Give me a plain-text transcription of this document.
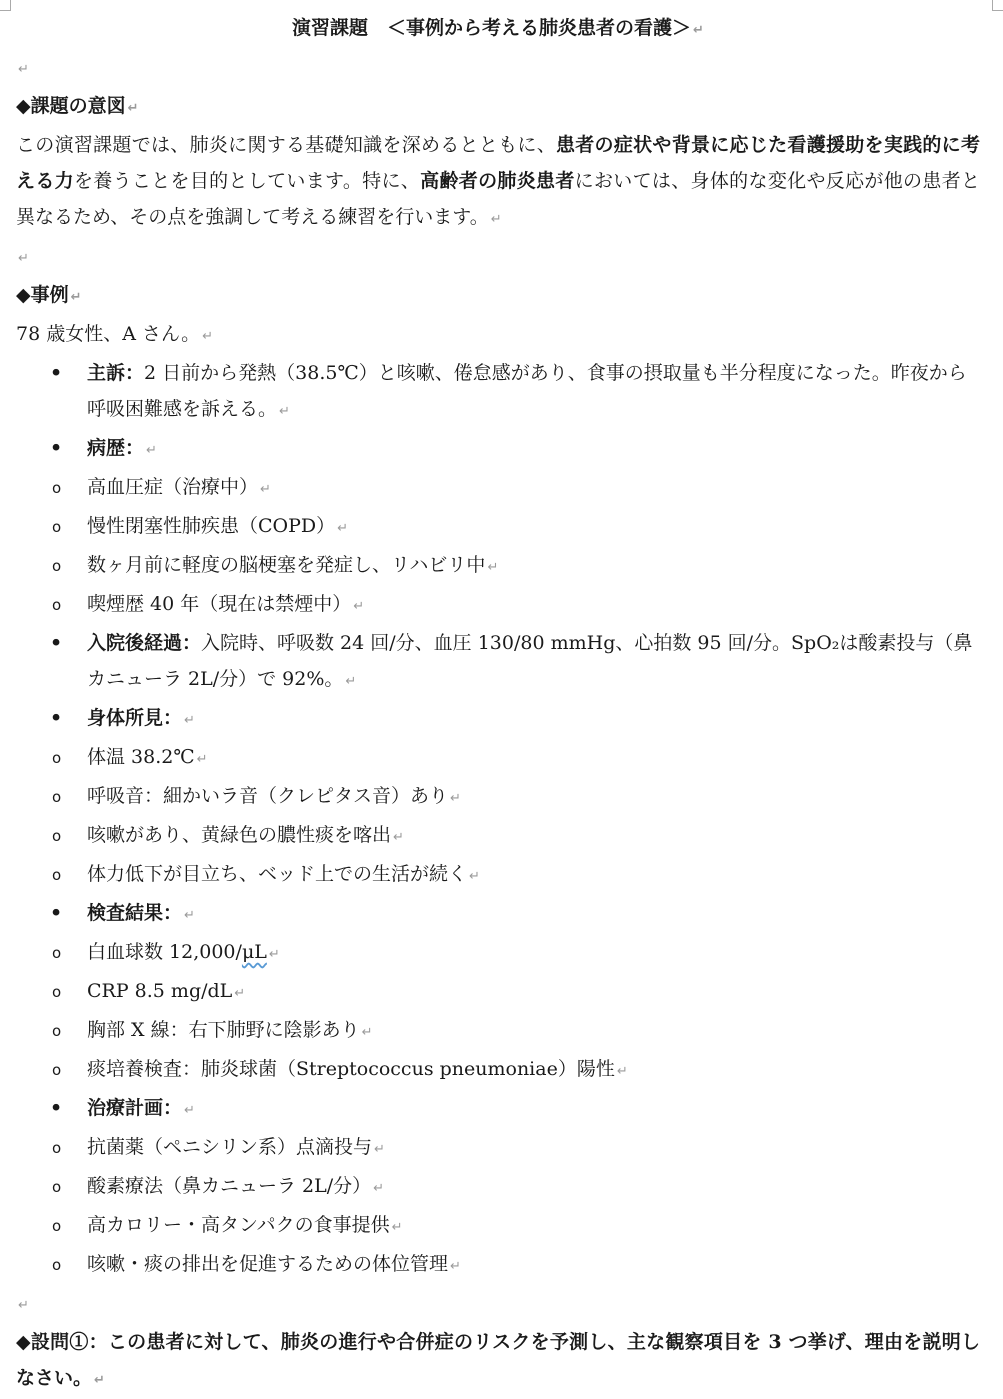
演習課題　＜事例から考える肺炎患者の看護＞ ↵
↵
◆課題の意図 ↵
この演習課題では、肺炎に関する基礎知識を深めるとともに、患者の症状や背景に応じた看護援助を実践的に考える力を養うことを目的としています。特に、高齢者の肺炎患者においては、身体的な変化や反応が他の患者と異なるため、その点を強調して考える練習を行います。 ↵
↵
◆事例 ↵
78 歳女性、A さん。 ↵
• 主訴：2 日前から発熱（38.5℃）と咳嗽、倦怠感があり、食事の摂取量も半分程度になった。昨夜から呼吸困難感を訴える。 ↵
• 病歴： ↵
o 高血圧症（治療中） ↵
o 慢性閉塞性肺疾患（COPD） ↵
o 数ヶ月前に軽度の脳梗塞を発症し、リハビリ中 ↵
o 喫煙歴 40 年（現在は禁煙中） ↵
• 入院後経過：入院時、呼吸数 24 回/分、血圧 130/80 mmHg、心拍数 95 回/分。SpO₂は酸素投与（鼻カニューラ 2L/分）で 92%。 ↵
• 身体所見： ↵
o 体温 38.2℃ ↵
o 呼吸音：細かいラ音（クレピタス音）あり ↵
o 咳嗽があり、黄緑色の膿性痰を喀出 ↵
o 体力低下が目立ち、ベッド上での生活が続く ↵
• 検査結果： ↵
o 白血球数 12,000/μL ↵
o CRP 8.5 mg/dL ↵
o 胸部 X 線：右下肺野に陰影あり ↵
o 痰培養検査：肺炎球菌（Streptococcus pneumoniae）陽性 ↵
• 治療計画： ↵
o 抗菌薬（ペニシリン系）点滴投与 ↵
o 酸素療法（鼻カニューラ 2L/分） ↵
o 高カロリー・高タンパクの食事提供 ↵
o 咳嗽・痰の排出を促進するための体位管理 ↵
↵
◆設問①：この患者に対して、肺炎の進行や合併症のリスクを予測し、主な観察項目を 3 つ挙げ、理由を説明しなさい。 ↵
